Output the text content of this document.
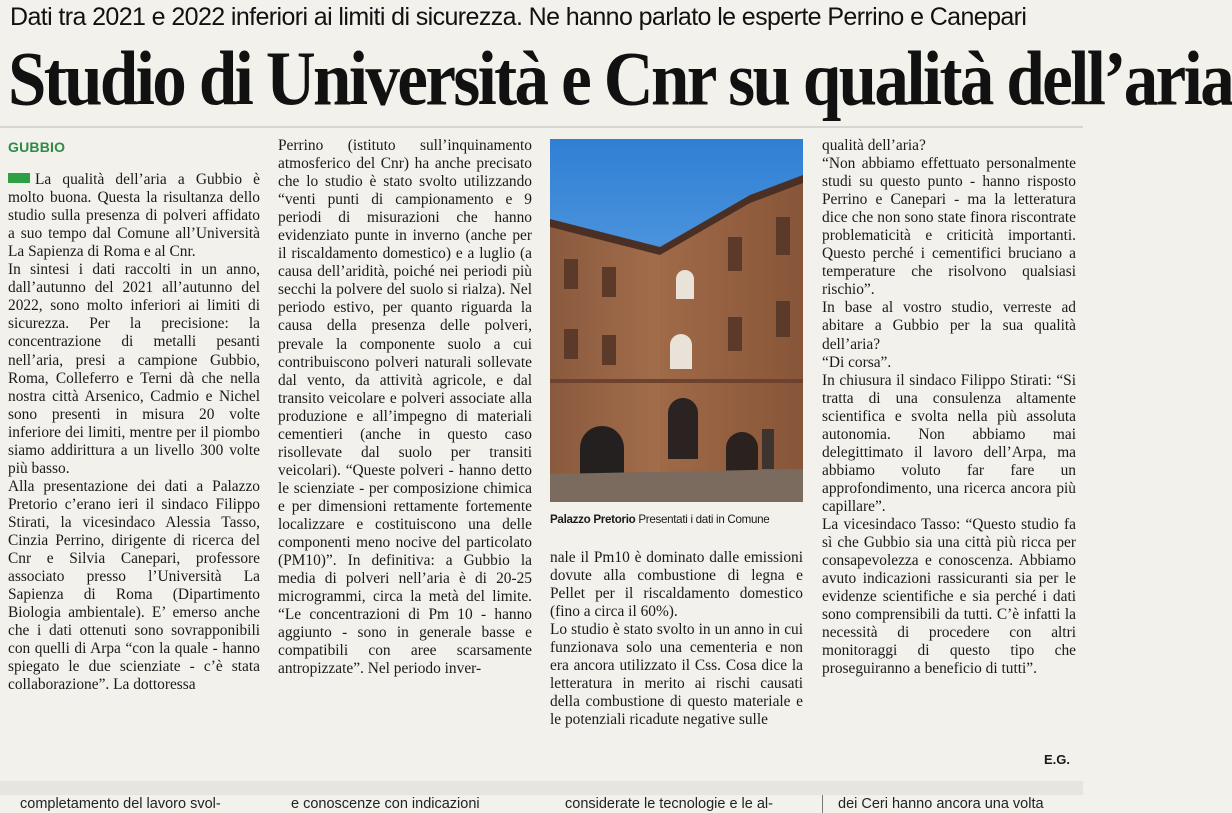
Dati tra 2021 e 2022 inferiori ai limiti di sicurezza. Ne hanno parlato le esperte Perrino e Canepari
Studio di Università e Cnr su qualità dell’aria

GUBBIO

La qualità dell’aria a Gubbio è molto buona. Questa la risultanza dello studio sulla presenza di polveri affidato a suo tempo dal Comune all’Università La Sapienza di Roma e al Cnr.

In sintesi i dati raccolti in un anno, dall’autunno del 2021 all’autunno del 2022, sono molto inferiori ai limiti di sicurezza. Per la precisione: la concentrazione di metalli pesanti nell’aria, presi a campione Gubbio, Roma, Colleferro e Terni dà che nella nostra città Arsenico, Cadmio e Nichel sono presenti in misura 20 volte inferiore dei limiti, mentre per il piombo siamo addirittura a un livello 300 volte più basso.

Alla presentazione dei dati a Palazzo Pretorio c’erano ieri il sindaco Filippo Stirati, la vicesindaco Alessia Tasso, Cinzia Perrino, dirigente di ricerca del Cnr e Silvia Canepari, professore associato presso l’Università La Sapienza di Roma (Dipartimento Biologia ambientale). E’ emerso anche che i dati ottenuti sono sovrapponibili con quelli di Arpa “con la quale - hanno spiegato le due scienziate - c’è stata collaborazione”. La dottoressa

Perrino (istituto sull’inquinamento atmosferico del Cnr) ha anche precisato che lo studio è stato svolto utilizzando “venti punti di campionamento e 9 periodi di misurazioni che hanno evidenziato punte in inverno (anche per il riscaldamento domestico) e a luglio (a causa dell’aridità, poiché nei periodi più secchi la polvere del suolo si rialza). Nel periodo estivo, per quanto riguarda la causa della presenza delle polveri, prevale la componente suolo a cui contribuiscono polveri naturali sollevate dal vento, da attività agricole, e dal transito veicolare e polveri associate alla produzione e all’impegno di materiali cementieri (anche in questo caso risollevate dal suolo per transiti veicolari). “Queste polveri - hanno detto le scienziate - per composizione chimica e per dimensioni rettamente fortemente localizzare e costituiscono una delle componenti meno nocive del particolato (PM10)”. In definitiva: a Gubbio la media di polveri nell’aria è di 20-25 microgrammi, circa la metà del limite. “Le concentrazioni di Pm 10 - hanno aggiunto - sono in generale basse e compatibili con aree scarsamente antropizzate”. Nel periodo inver-

Palazzo Pretorio Presentati i dati in Comune

nale il Pm10 è dominato dalle emissioni dovute alla combustione di legna e Pellet per il riscaldamento domestico (fino a circa il 60%).

Lo studio è stato svolto in un anno in cui funzionava solo una cementeria e non era ancora utilizzato il Css. Cosa dice la letteratura in merito ai rischi causati della combustione di questo materiale e le potenziali ricadute negative sulle

qualità dell’aria?

“Non abbiamo effettuato personalmente studi su questo punto - hanno risposto Perrino e Canepari - ma la letteratura dice che non sono state finora riscontrate problematicità e criticità importanti. Questo perché i cementifici bruciano a temperature che risolvono qualsiasi rischio”.

In base al vostro studio, verreste ad abitare a Gubbio per la sua qualità dell’aria?

“Di corsa”.

In chiusura il sindaco Filippo Stirati: “Si tratta di una consulenza altamente scientifica e svolta nella più assoluta autonomia. Non abbiamo mai delegittimato il lavoro dell’Arpa, ma abbiamo voluto far fare un approfondimento, una ricerca ancora più capillare”.

La vicesindaco Tasso: “Questo studio fa sì che Gubbio sia una città più ricca per consapevolezza e conoscenza. Abbiamo avuto indicazioni rassicuranti sia per le evidenze scientifiche e sia perché i dati sono comprensibili da tutti. C’è infatti la necessità di procedere con altri monitoraggi di questo tipo che proseguiranno a beneficio di tutti”.

E.G.
completamento del lavoro svol-	e conoscenze con indicazioni	considerate le tecnologie e le al-	dei Ceri hanno ancora una volta
